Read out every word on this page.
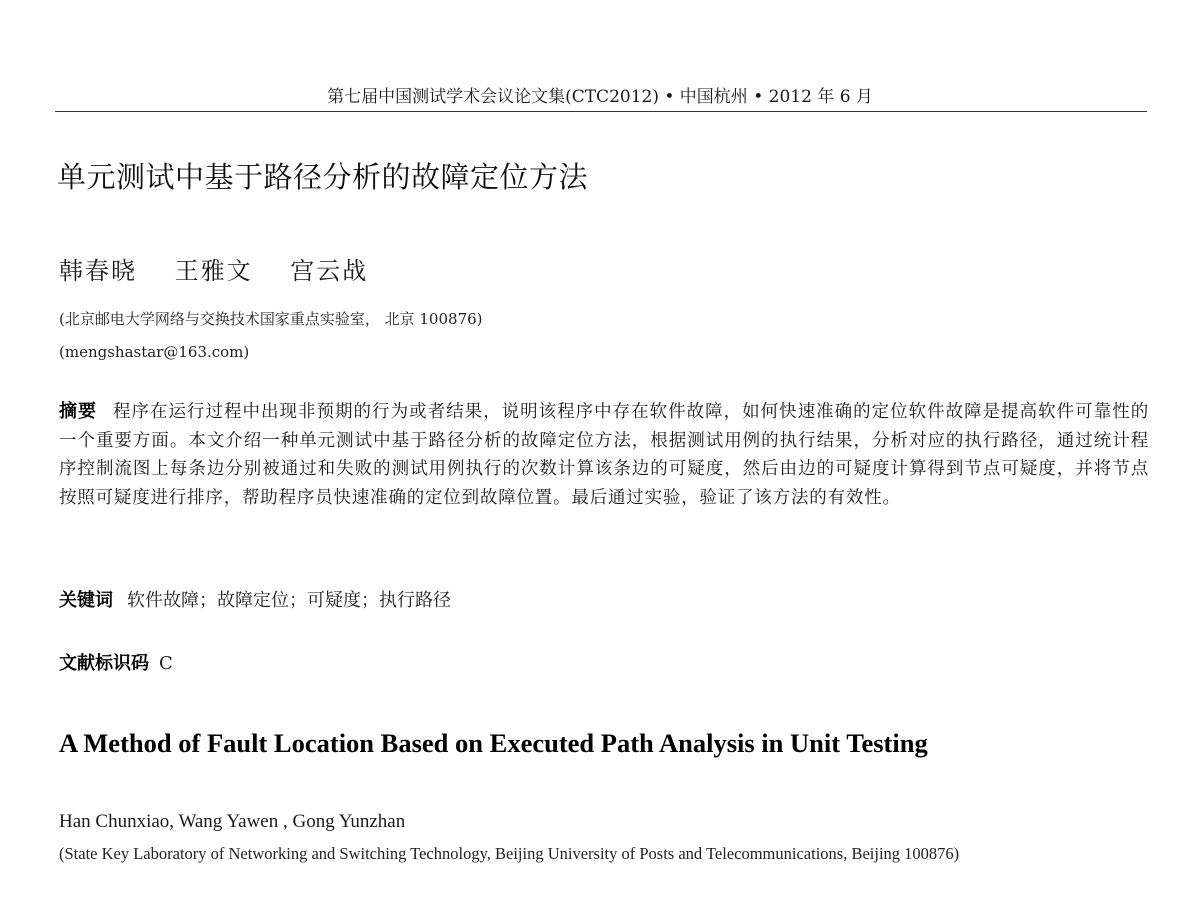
第七届中国测试学术会议论文集(CTC2012) • 中国杭州 • 2012 年 6 月
单元测试中基于路径分析的故障定位方法
韩春晓 王雅文 宫云战
(北京邮电大学网络与交换技术国家重点实验室， 北京 100876)
(mengshastar@163.com)
摘要 程序在运行过程中出现非预期的行为或者结果，说明该程序中存在软件故障，如何快速准确的定位软件故障是提高软件可靠性的一个重要方面。本文介绍一种单元测试中基于路径分析的故障定位方法，根据测试用例的执行结果，分析对应的执行路径，通过统计程序控制流图上每条边分别被通过和失败的测试用例执行的次数计算该条边的可疑度，然后由边的可疑度计算得到节点可疑度，并将节点按照可疑度进行排序，帮助程序员快速准确的定位到故障位置。最后通过实验，验证了该方法的有效性。
关键词 软件故障；故障定位；可疑度；执行路径
文献标识码 C
A Method of Fault Location Based on Executed Path Analysis in Unit Testing
Han Chunxiao, Wang Yawen , Gong Yunzhan
(State Key Laboratory of Networking and Switching Technology, Beijing University of Posts and Telecommunications, Beijing 100876)
